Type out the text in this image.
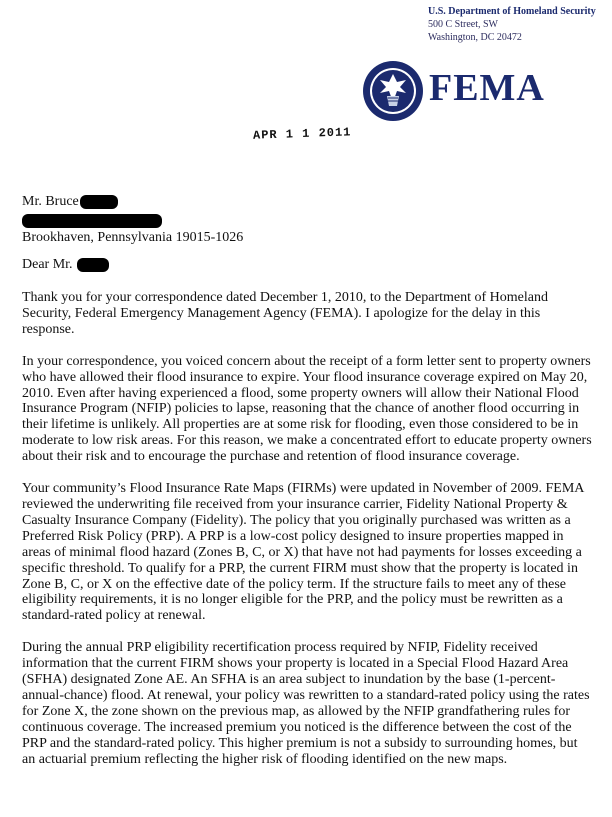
U.S. Department of Homeland Security
500 C Street, SW
Washington, DC 20472
FEMA
APR 1 1 2011
Mr. Bruce
Brookhaven, Pennsylvania 19015-1026
Dear Mr.

Thank you for your correspondence dated December 1, 2010, to the Department of Homeland Security, Federal Emergency Management Agency (FEMA). I apologize for the delay in this response.

In your correspondence, you voiced concern about the receipt of a form letter sent to property owners who have allowed their flood insurance to expire. Your flood insurance coverage expired on May 20, 2010. Even after having experienced a flood, some property owners will allow their National Flood Insurance Program (NFIP) policies to lapse, reasoning that the chance of another flood occurring in their lifetime is unlikely. All properties are at some risk for flooding, even those considered to be in moderate to low risk areas. For this reason, we make a concentrated effort to educate property owners about their risk and to encourage the purchase and retention of flood insurance coverage.

Your community’s Flood Insurance Rate Maps (FIRMs) were updated in November of 2009. FEMA reviewed the underwriting file received from your insurance carrier, Fidelity National Property & Casualty Insurance Company (Fidelity). The policy that you originally purchased was written as a Preferred Risk Policy (PRP). A PRP is a low-cost policy designed to insure properties mapped in areas of minimal flood hazard (Zones B, C, or X) that have not had payments for losses exceeding a specific threshold. To qualify for a PRP, the current FIRM must show that the property is located in Zone B, C, or X on the effective date of the policy term. If the structure fails to meet any of these eligibility requirements, it is no longer eligible for the PRP, and the policy must be rewritten as a standard-rated policy at renewal.

During the annual PRP eligibility recertification process required by NFIP, Fidelity received information that the current FIRM shows your property is located in a Special Flood Hazard Area (SFHA) designated Zone AE. An SFHA is an area subject to inundation by the base (1-percent-annual-chance) flood. At renewal, your policy was rewritten to a standard-rated policy using the rates for Zone X, the zone shown on the previous map, as allowed by the NFIP grandfathering rules for continuous coverage. The increased premium you noticed is the difference between the cost of the PRP and the standard-rated policy. This higher premium is not a subsidy to surrounding homes, but an actuarial premium reflecting the higher risk of flooding identified on the new maps.
